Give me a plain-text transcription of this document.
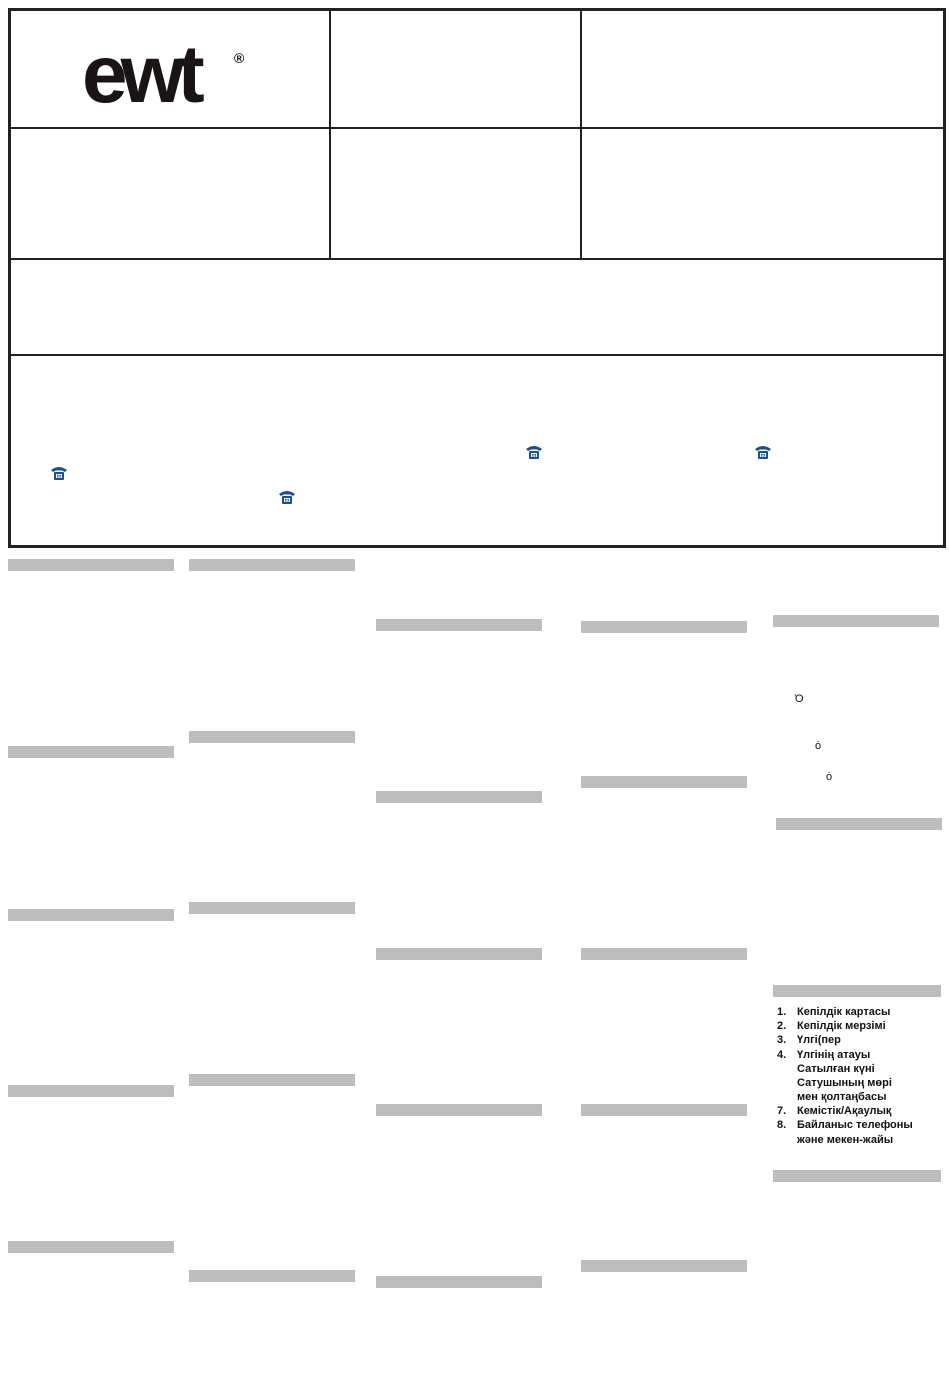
ewt	®
Ό
ȯ
ȯ
1. Кепілдік картасы
2. Кепілдік мерзімі
3. Үлгі(пер
4. Үлгінің атауы
Сатылған күні
Сатушының мөрі
мен қолтаңбасы
7. Кемістік/Ақаулық
8. Байланыс телефоны
және мекен-жайы
